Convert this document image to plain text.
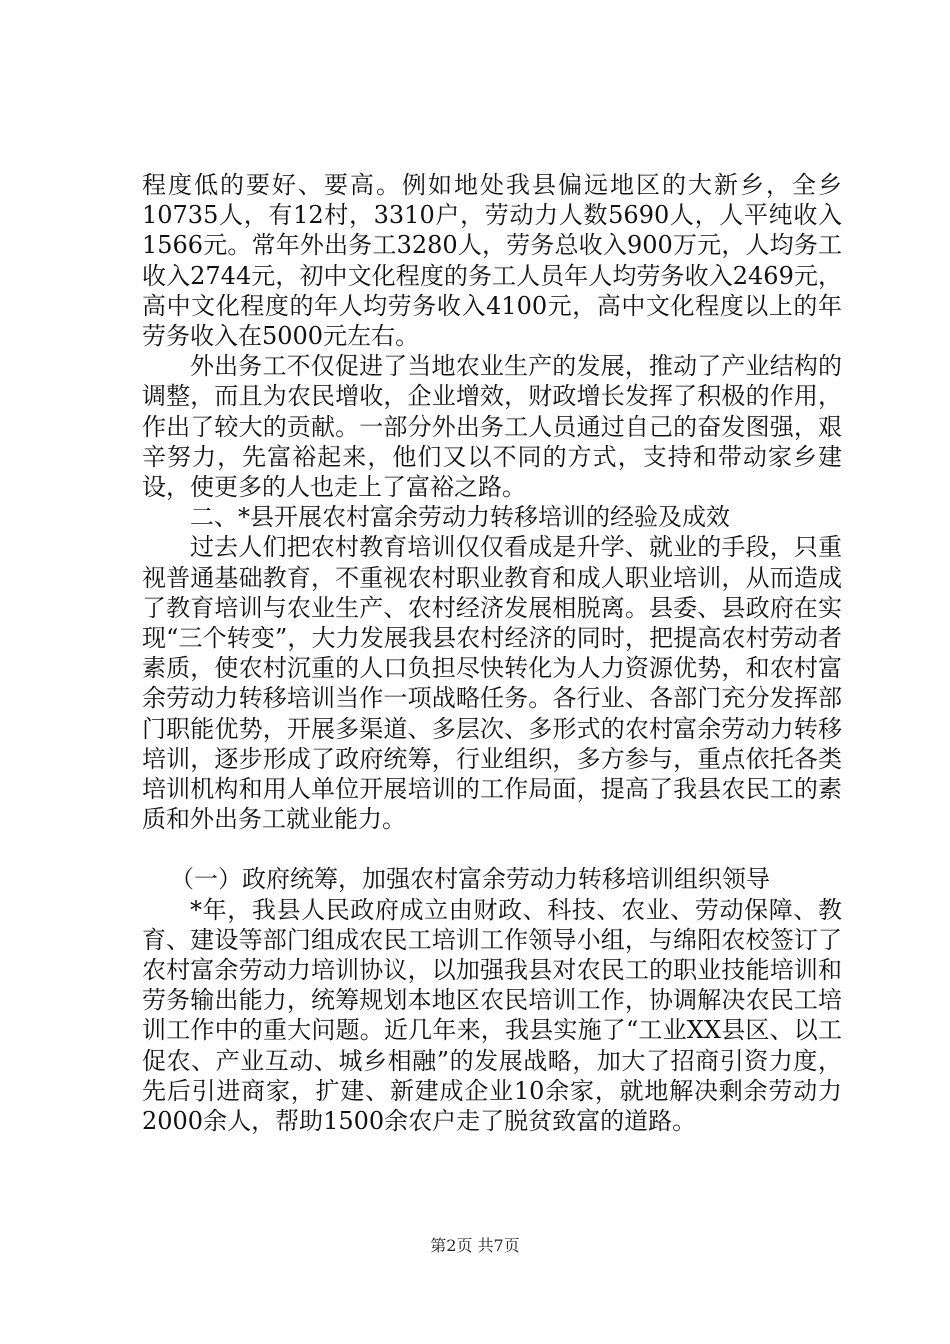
程度低的要好、要高。例如地处我县偏远地区的大新乡，全乡10735人，有12村，3310户，劳动力人数5690人，人平纯收入1566元。常年外出务工3280人，劳务总收入900万元，人均务工收入2744元，初中文化程度的务工人员年人均劳务收入2469元，高中文化程度的年人均劳务收入4100元，高中文化程度以上的年劳务收入在5000元左右。

外出务工不仅促进了当地农业生产的发展，推动了产业结构的调整，而且为农民增收，企业增效，财政增长发挥了积极的作用，作出了较大的贡献。一部分外出务工人员通过自己的奋发图强，艰辛努力，先富裕起来，他们又以不同的方式，支持和带动家乡建设，使更多的人也走上了富裕之路。

二、*县开展农村富余劳动力转移培训的经验及成效

过去人们把农村教育培训仅仅看成是升学、就业的手段，只重视普通基础教育，不重视农村职业教育和成人职业培训，从而造成了教育培训与农业生产、农村经济发展相脱离。县委、县政府在实现“三个转变”，大力发展我县农村经济的同时，把提高农村劳动者素质，使农村沉重的人口负担尽快转化为人力资源优势，和农村富余劳动力转移培训当作一项战略任务。各行业、各部门充分发挥部门职能优势，开展多渠道、多层次、多形式的农村富余劳动力转移培训，逐步形成了政府统筹，行业组织，多方参与，重点依托各类培训机构和用人单位开展培训的工作局面，提高了我县农民工的素质和外出务工就业能力。

（一）政府统筹，加强农村富余劳动力转移培训组织领导

*年，我县人民政府成立由财政、科技、农业、劳动保障、教育、建设等部门组成农民工培训工作领导小组，与绵阳农校签订了农村富余劳动力培训协议，以加强我县对农民工的职业技能培训和劳务输出能力，统筹规划本地区农民培训工作，协调解决农民工培训工作中的重大问题。近几年来，我县实施了“工业XX县区、以工促农、产业互动、城乡相融”的发展战略，加大了招商引资力度，先后引进商家，扩建、新建成企业10余家，就地解决剩余劳动力2000余人，帮助1500余农户走了脱贫致富的道路。

第2页 共7页
